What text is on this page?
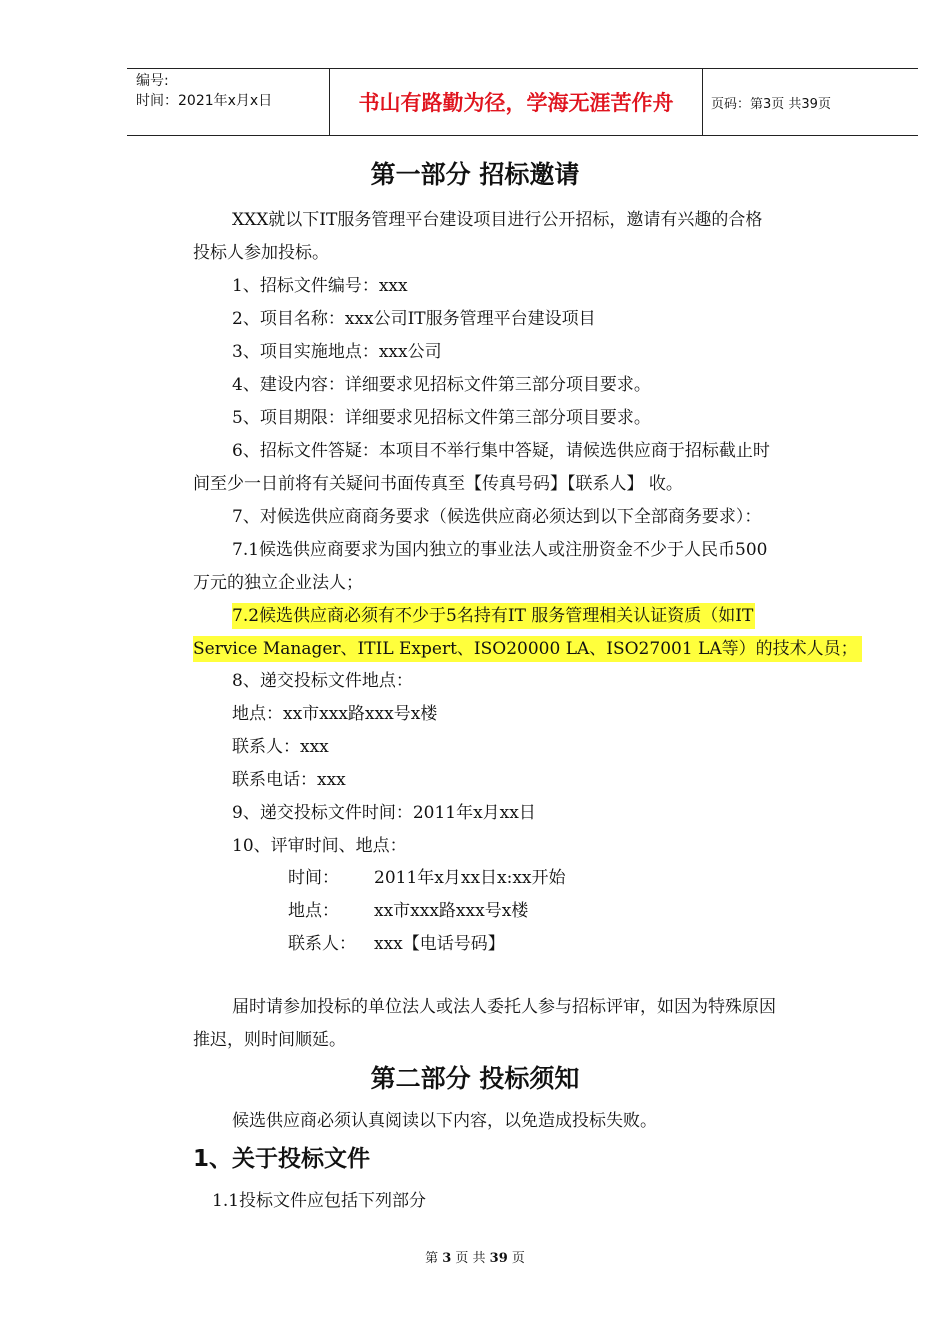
编号:
时间：2021年x月x日	书山有路勤为径，学海无涯苦作舟	页码：第3页 共39页
第一部分 招标邀请
XXX就以下IT服务管理平台建设项目进行公开招标，邀请有兴趣的合格
投标人参加投标。
1、招标文件编号：xxx
2、项目名称：xxx公司IT服务管理平台建设项目
3、项目实施地点：xxx公司
4、建设内容：详细要求见招标文件第三部分项目要求。
5、项目期限：详细要求见招标文件第三部分项目要求。
6、招标文件答疑：本项目不举行集中答疑，请候选供应商于招标截止时
间至少一日前将有关疑问书面传真至【传真号码】【联系人】 收。
7、对候选供应商商务要求（候选供应商必须达到以下全部商务要求）：
7.1候选供应商要求为国内独立的事业法人或注册资金不少于人民币500
万元的独立企业法人；
7.2候选供应商必须有不少于5名持有IT 服务管理相关认证资质（如IT
Service Manager、ITIL Expert、ISO20000 LA、ISO27001 LA等）的技术人员；
8、递交投标文件地点：
地点：xx市xxx路xxx号x楼
联系人：xxx
联系电话：xxx
9、递交投标文件时间：2011年x月xx日
10、评审时间、地点：
时间： 2011年x月xx日x:xx开始
地点： xx市xxx路xxx号x楼
联系人： xxx【电话号码】
届时请参加投标的单位法人或法人委托人参与招标评审，如因为特殊原因
推迟，则时间顺延。
第二部分 投标须知
候选供应商必须认真阅读以下内容，以免造成投标失败。
1、关于投标文件
1.1投标文件应包括下列部分
第 3 页 共 39 页
